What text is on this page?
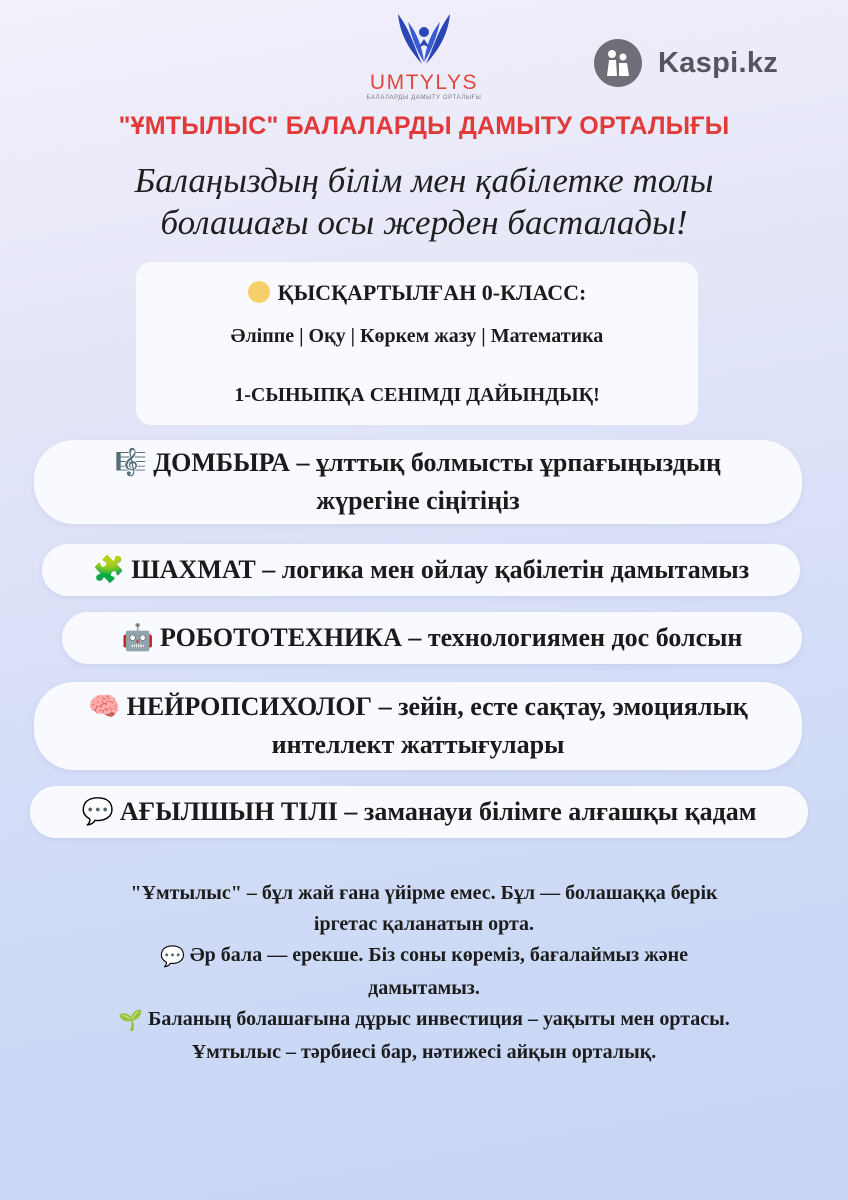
UMTYLYS
БАЛАЛАРДЫ ДАМЫТУ ОРТАЛЫҒЫ
Kaspi.kz
"ҰМТЫЛЫС" БАЛАЛАРДЫ ДАМЫТУ ОРТАЛЫҒЫ
Балаңыздың білім мен қабілетке толы
болашағы осы жерден басталады!
ҚЫСҚАРТЫЛҒАН 0-КЛАСС:
Әліппе | Оқу | Көркем жазу | Математика
1-СЫНЫПҚА СЕНІМДІ ДАЙЫНДЫҚ!
🎼 ДОМБЫРА – ұлттық болмысты ұрпағыңыздың
жүрегіне сіңітіңіз
🧩 ШАХМАТ – логика мен ойлау қабілетін дамытамыз
🤖 РОБОТОТЕХНИКА – технологиямен дос болсын
🧠 НЕЙРОПСИХОЛОГ – зейін, есте сақтау, эмоциялық
интеллект жаттығулары
💬 АҒЫЛШЫН ТІЛІ – заманауи білімге алғашқы қадам
"Ұмтылыс" – бұл жай ғана үйірме емес. Бұл — болашаққа берік
іргетас қаланатын орта.
💬 Әр бала — ерекше. Біз соны көреміз, бағалаймыз және
дамытамыз.
🌱 Баланың болашағына дұрыс инвестиция – уақыты мен ортасы.
Ұмтылыс – тәрбиесі бар, нәтижесі айқын орталық.
